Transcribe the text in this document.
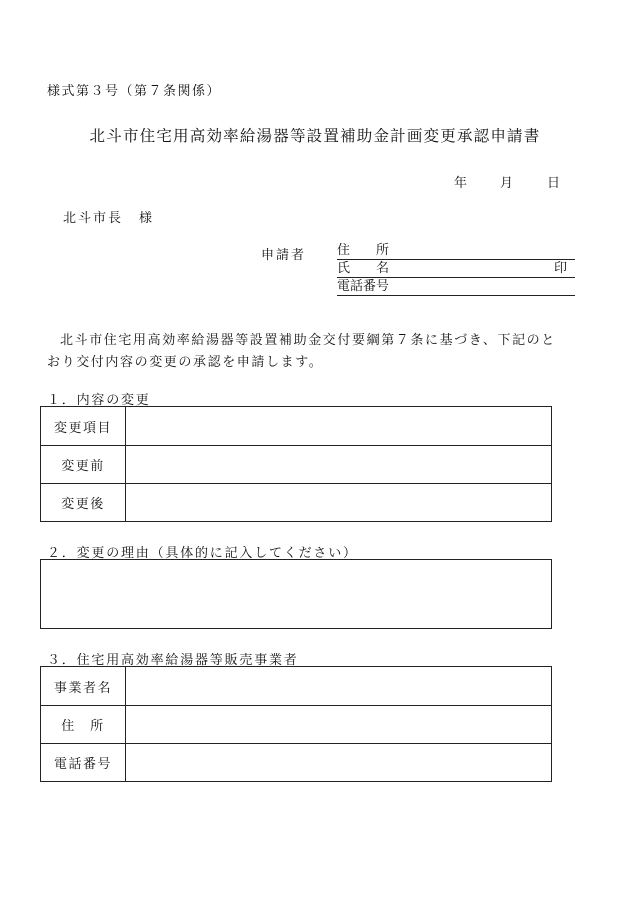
様式第３号（第７条関係）
北斗市住宅用高効率給湯器等設置補助金計画変更承認申請書
年	月	日
北斗市長 様
申請者 住　　所
氏　　名	印
電話番号

北斗市住宅用高効率給湯器等設置補助金交付要綱第７条に基づき、下記のと

おり交付内容の変更の承認を申請します。

１．内容の変更
変更項目	
変更前	
変更後	
２．変更の理由（具体的に記入してください）
３．住宅用高効率給湯器等販売事業者
事業者名	
住　所	
電話番号	
